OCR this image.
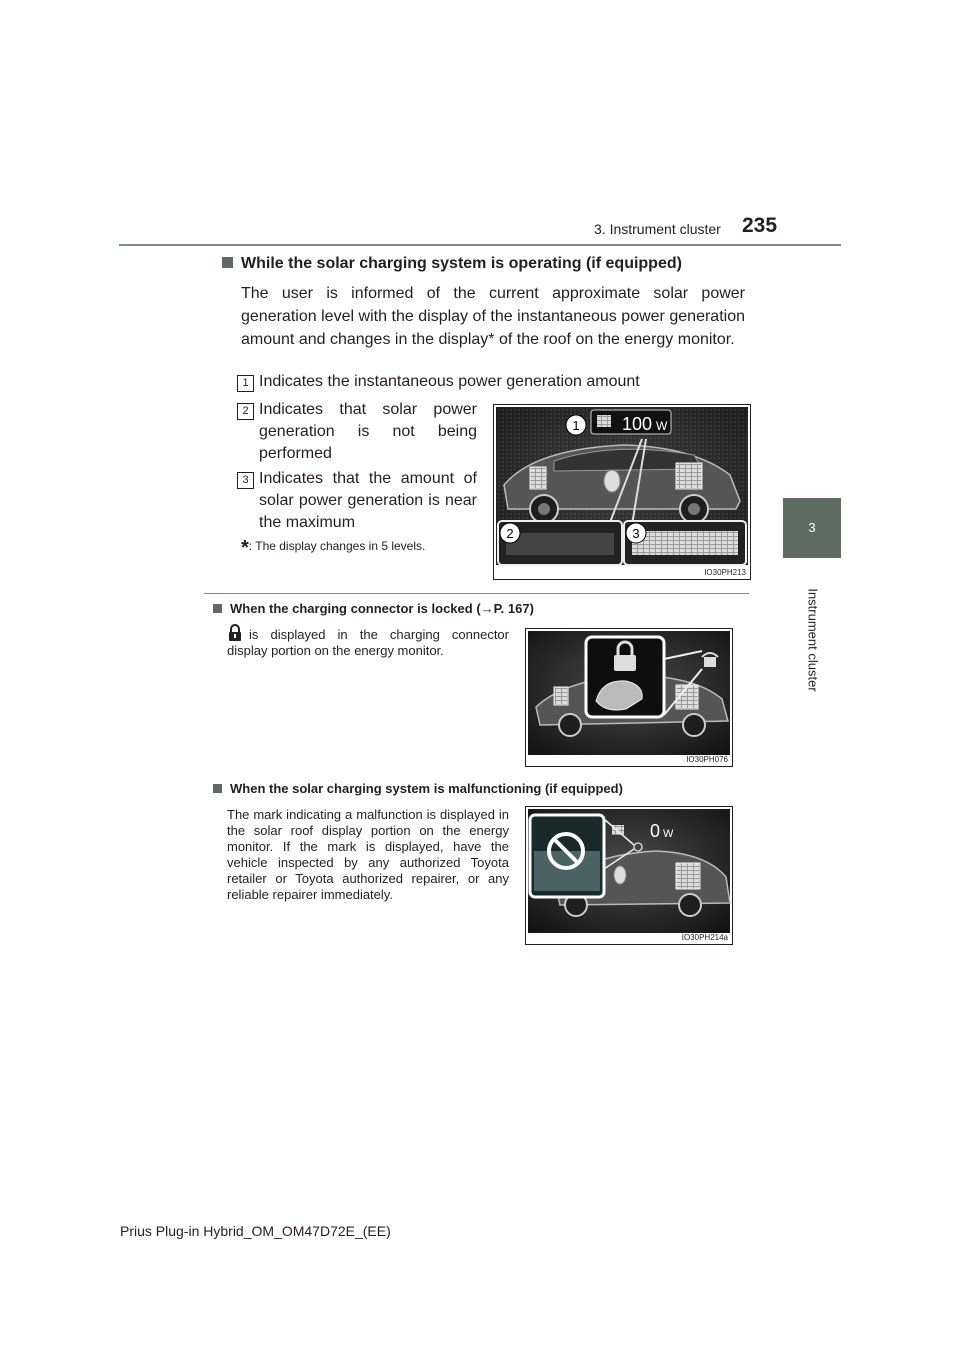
3. Instrument cluster 235
3
Instrument cluster
While the solar charging system is operating (if equipped)
The user is informed of the current approximate solar power generation level with the display of the instantaneous power generation amount and changes in the display* of the roof on the energy monitor.
1 Indicates the instantaneous power generation amount
2 Indicates that solar power generation is not being performed
3 Indicates that the amount of solar power generation is near the maximum
*: The display changes in 5 levels.
100 W
1
2	3
IO30PH213
When the charging connector is locked (→P. 167)
is displayed in the charging connector display portion on the energy monitor.
IO30PH076
When the solar charging system is malfunctioning (if equipped)
The mark indicating a malfunction is displayed in the solar roof display portion on the energy monitor. If the mark is displayed, have the vehicle inspected by any authorized Toyota retailer or Toyota authorized repairer, or any reliable repairer immediately.
0 W
IO30PH214a
Prius Plug-in Hybrid_OM_OM47D72E_(EE)
